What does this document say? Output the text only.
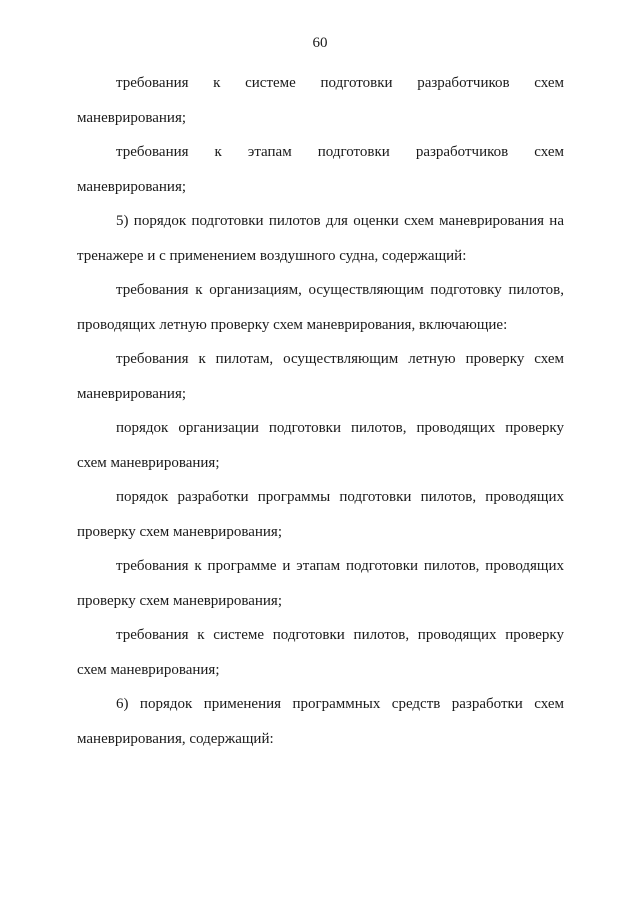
60
требования к системе подготовки разработчиков схем
маневрирования;
требования к этапам подготовки разработчиков схем
маневрирования;
5) порядок подготовки пилотов для оценки схем маневрирования на
тренажере и с применением воздушного судна, содержащий:
требования к организациям, осуществляющим подготовку пилотов,
проводящих летную проверку схем маневрирования, включающие:
требования к пилотам, осуществляющим летную проверку схем
маневрирования;
порядок организации подготовки пилотов, проводящих проверку
схем маневрирования;
порядок разработки программы подготовки пилотов, проводящих
проверку схем маневрирования;
требования к программе и этапам подготовки пилотов, проводящих
проверку схем маневрирования;
требования к системе подготовки пилотов, проводящих проверку
схем маневрирования;
6) порядок применения программных средств разработки схем
маневрирования, содержащий:
